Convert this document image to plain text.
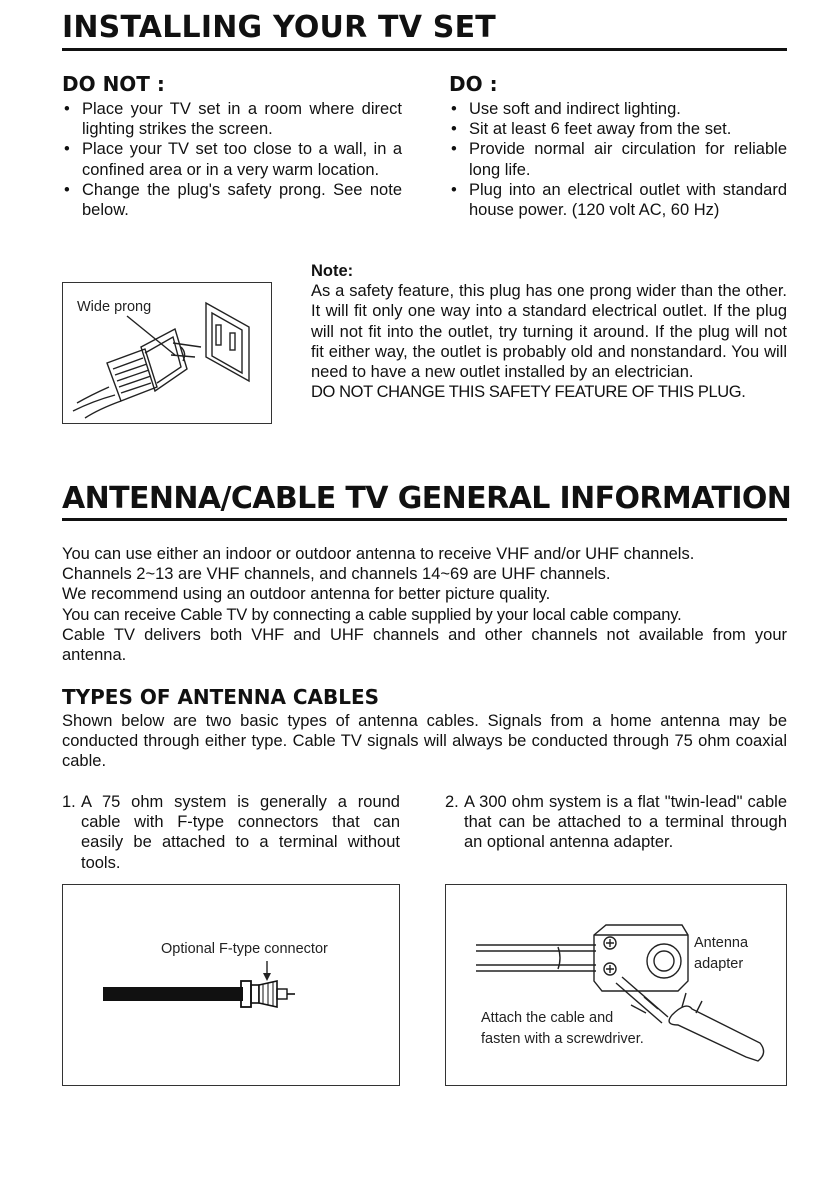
INSTALLING YOUR TV SET
DO NOT :
• Place your TV set in a room where direct lighting strikes the screen.
• Place your TV set too close to a wall, in a confined area or in a very warm location.
• Change the plug's safety prong. See note below.
DO :
• Use soft and indirect lighting.
• Sit at least 6 feet away from the set.
• Provide normal air circulation for reliable long life.
• Plug into an electrical outlet with standard house power. (120 volt AC, 60 Hz)
Wide prong
Note:

As a safety feature, this plug has one prong wider than the other. It will fit only one way into a standard electrical outlet. If the plug will not fit into the outlet, try turning it around. If the plug will not fit either way, the outlet is probably old and nonstandard. You will need to have a new outlet installed by an electrician.

DO NOT CHANGE THIS SAFETY FEATURE OF THIS PLUG.

ANTENNA/CABLE TV GENERAL INFORMATION

You can use either an indoor or outdoor antenna to receive VHF and/or UHF channels.

Channels 2~13 are VHF channels, and channels 14~69 are UHF channels.

We recommend using an outdoor antenna for better picture quality.

You can receive Cable TV by connecting a cable supplied by your local cable company.

Cable TV delivers both VHF and UHF channels and other channels not available from your antenna.

TYPES OF ANTENNA CABLES

Shown below are two basic types of antenna cables. Signals from a home antenna may be conducted through either type. Cable TV signals will always be conducted through 75 ohm coaxial cable.

1. A 75 ohm system is generally a round cable with F-type connectors that can easily be attached to a terminal without tools.

2. A 300 ohm system is a flat "twin-lead" cable that can be attached to a terminal through an optional antenna adapter.

Optional F-type connector	Antenna
adapter
Attach the cable and
fasten with a screwdriver.
